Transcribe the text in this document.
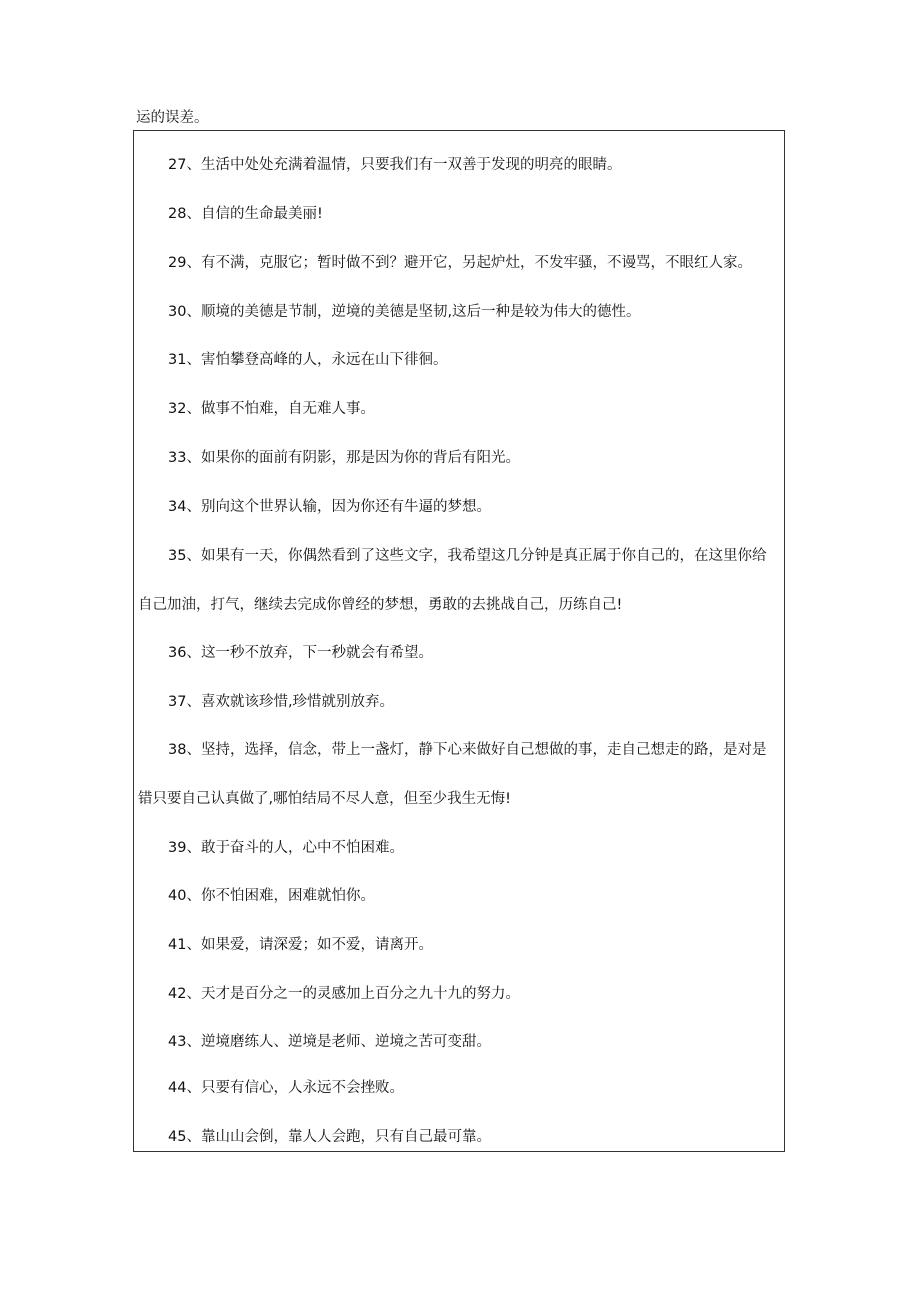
运的误差。
27、生活中处处充满着温情，只要我们有一双善于发现的明亮的眼睛。
28、自信的生命最美丽!
29、有不满，克服它；暂时做不到？避开它，另起炉灶，不发牢骚，不谩骂，不眼红人家。
30、顺境的美德是节制，逆境的美德是坚韧,这后一种是较为伟大的德性。
31、害怕攀登高峰的人，永远在山下徘徊。
32、做事不怕难，自无难人事。
33、如果你的面前有阴影，那是因为你的背后有阳光。
34、别向这个世界认输，因为你还有牛逼的梦想。
35、如果有一天，你偶然看到了这些文字，我希望这几分钟是真正属于你自己的，在这里你给
自己加油，打气，继续去完成你曾经的梦想，勇敢的去挑战自己，历练自己!
36、这一秒不放弃，下一秒就会有希望。
37、喜欢就该珍惜,珍惜就别放弃。
38、坚持，选择，信念，带上一盏灯，静下心来做好自己想做的事，走自己想走的路，是对是
错只要自己认真做了,哪怕结局不尽人意，但至少我生无悔!
39、敢于奋斗的人，心中不怕困难。
40、你不怕困难，困难就怕你。
41、如果爱，请深爱；如不爱，请离开。
42、天才是百分之一的灵感加上百分之九十九的努力。
43、逆境磨练人、逆境是老师、逆境之苦可变甜。
44、只要有信心，人永远不会挫败。
45、靠山山会倒，靠人人会跑，只有自己最可靠。
